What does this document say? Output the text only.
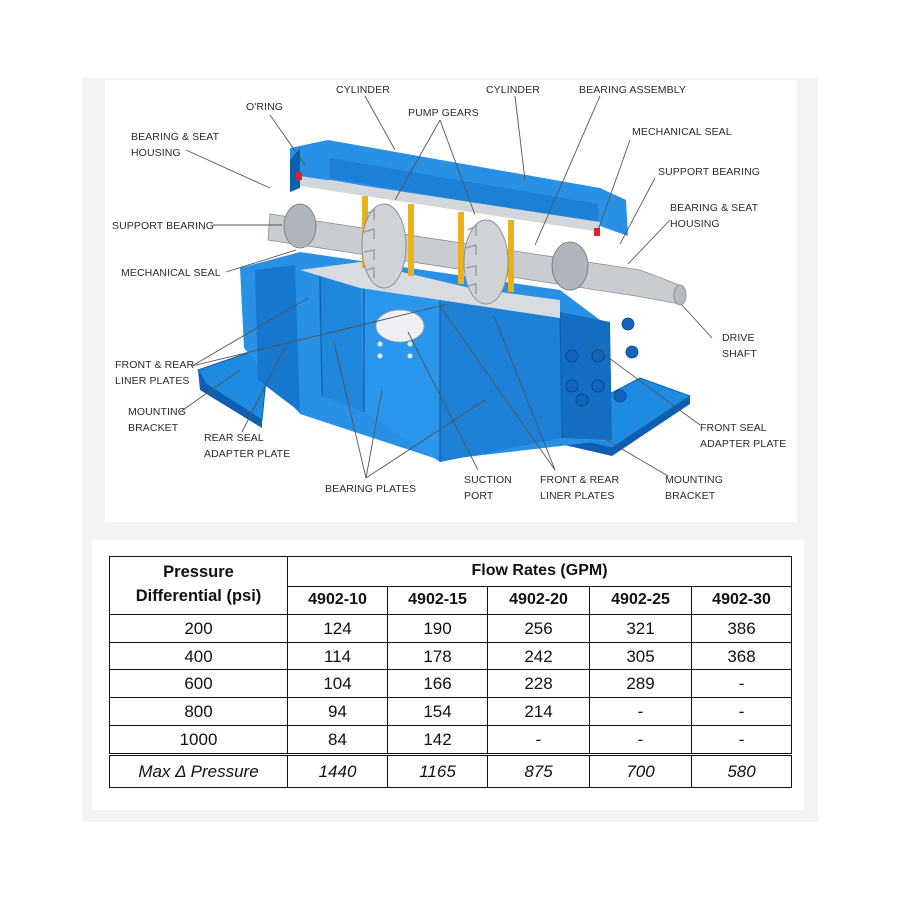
O'RING
CYLINDER
PUMP GEARS
CYLINDER	BEARING ASSEMBLY
BEARING & SEAT
HOUSING
MECHANICAL SEAL
SUPPORT BEARING
BEARING & SEAT
HOUSING
SUPPORT BEARING
MECHANICAL SEAL
DRIVE
SHAFT
FRONT & REAR
LINER PLATES
MOUNTING
BRACKET
REAR SEAL
ADAPTER PLATE
FRONT SEAL
ADAPTER PLATE
BEARING PLATES
SUCTION
PORT
FRONT & REAR
LINER PLATES
MOUNTING
BRACKET
Pressure
Differential (psi)	Flow Rates (GPM)				
	4902-10	4902-15	4902-20	4902-25	4902-30
200	124	190	256	321	386
400	114	178	242	305	368
600	104	166	228	289	-
800	94	154	214	-	-
1000	84	142	-	-	-
Max Δ Pressure	1440	1165	875	700	580
